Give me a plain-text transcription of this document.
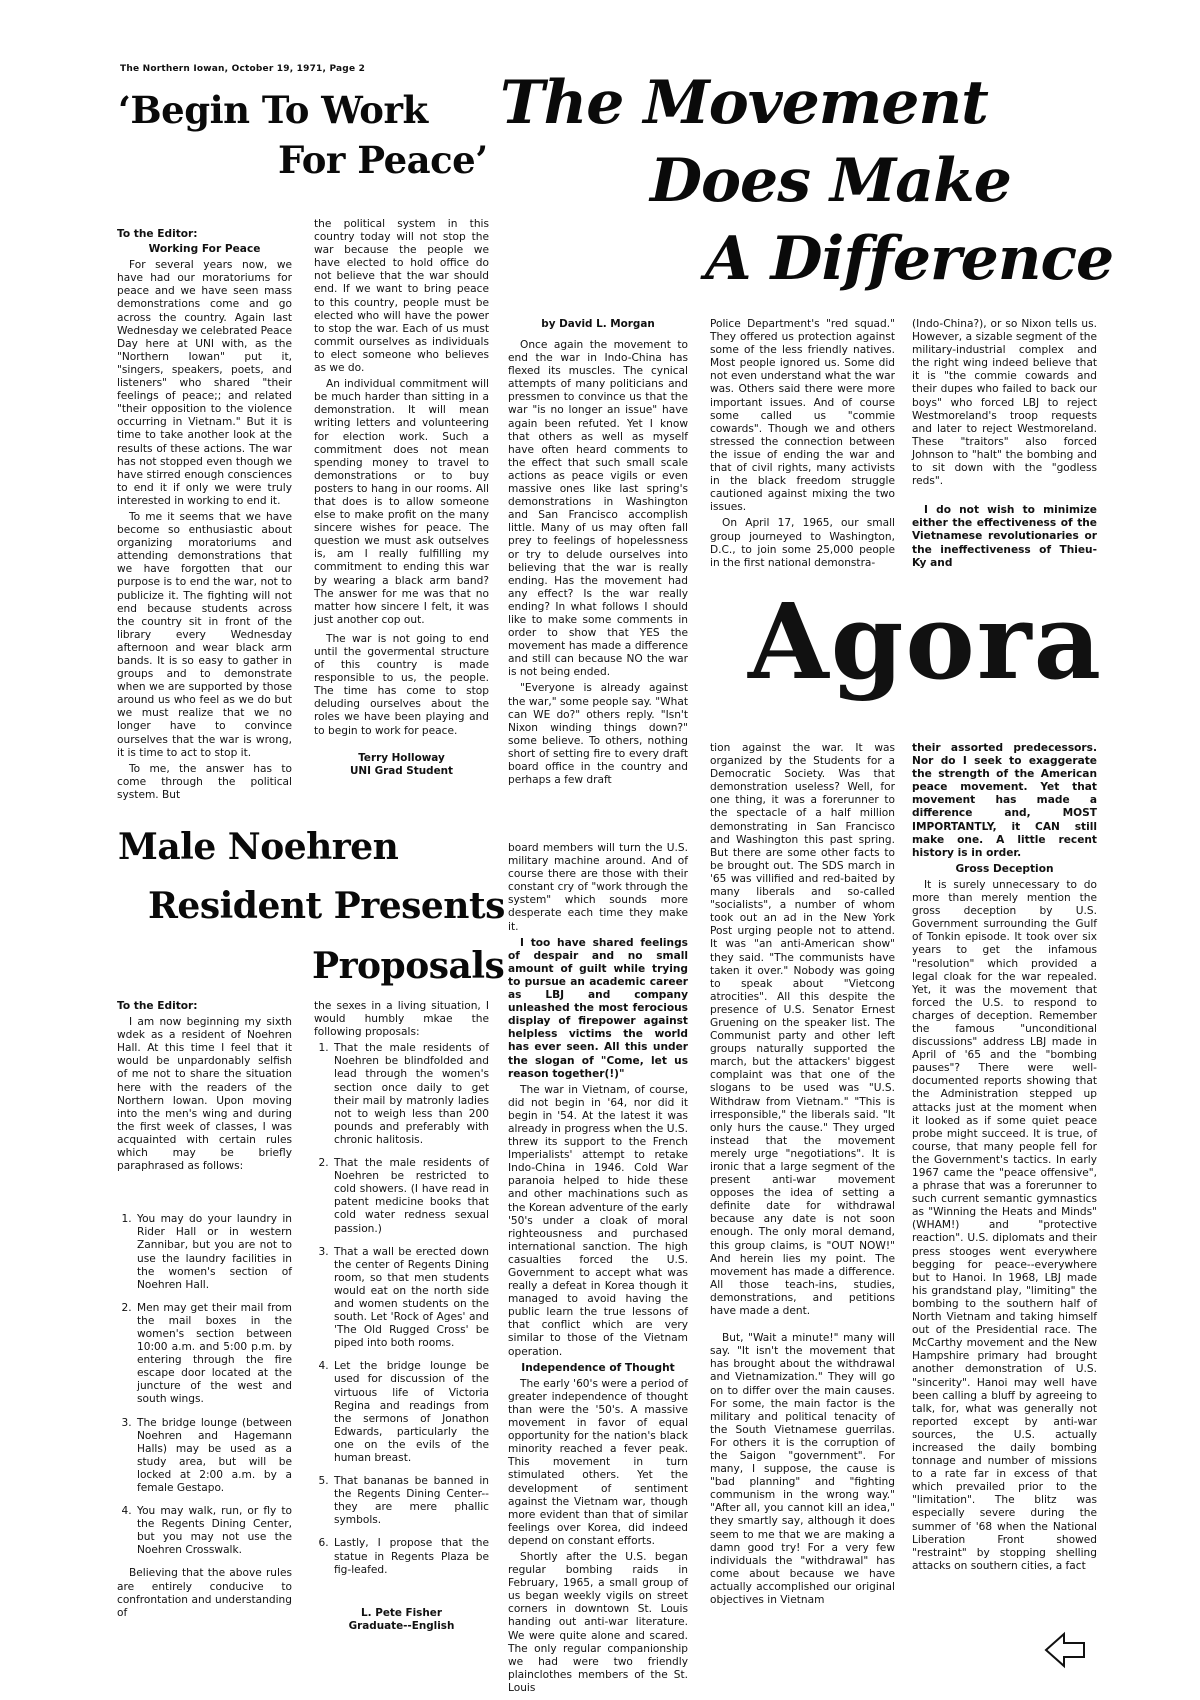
The Northern Iowan, October 19, 1971, Page 2
‘Begin To Work
For Peace’
The Movement
Does Make
A Difference
To the Editor:
Working For Peace

For several years now, we have had our moratoriums for peace and we have seen mass demonstrations come and go across the country. Again last Wednesday we celebrated Peace Day here at UNI with, as the "Northern Iowan" put it, "singers, speakers, poets, and listeners" who shared "their feelings of peace;; and related "their opposition to the violence occurring in Vietnam." But it is time to take another look at the results of these actions. The war has not stopped even though we have stirred enough consciences to end it if only we were truly interested in working to end it.

To me it seems that we have become so enthusiastic about organizing moratoriums and attending demonstrations that we have forgotten that our purpose is to end the war, not to publicize it. The fighting will not end because students across the country sit in front of the library every Wednesday afternoon and wear black arm bands. It is so easy to gather in groups and to demonstrate when we are supported by those around us who feel as we do but we must realize that we no longer have to convince ourselves that the war is wrong, it is time to act to stop it.

To me, the answer has to come through the political system. But

the political system in this country today will not stop the war because the people we have elected to hold office do not believe that the war should end. If we want to bring peace to this country, people must be elected who will have the power to stop the war. Each of us must commit ourselves as individuals to elect someone who believes as we do.

An individual commitment will be much harder than sitting in a demonstration. It will mean writing letters and volunteering for election work. Such a commitment does not mean spending money to travel to demonstrations or to buy posters to hang in our rooms. All that does is to allow someone else to make profit on the many sincere wishes for peace. The question we must ask outselves is, am I really fulfilling my commitment to ending this war by wearing a black arm band? The answer for me was that no matter how sincere I felt, it was just another cop out.

The war is not going to end until the govermental structure of this country is made responsible to us, the people. The time has come to stop deluding ourselves about the roles we have been playing and to begin to work for peace.

Terry Holloway
UNI Grad Student
Male Noehren
Resident Presents
Proposals
To the Editor:

I am now beginning my sixth wdek as a resident of Noehren Hall. At this time I feel that it would be unpardonably selfish of me not to share the situation here with the readers of the Northern Iowan. Upon moving into the men's wing and during the first week of classes, I was acquainted with certain rules which may be briefly paraphrased as follows:

1. You may do your laundry in Rider Hall or in western Zannibar, but you are not to use the laundry facilities in the women's section of Noehren Hall.
2. Men may get their mail from the mail boxes in the women's section between 10:00 a.m. and 5:00 p.m. by entering through the fire escape door located at the juncture of the west and south wings.
3. The bridge lounge (between Noehren and Hagemann Halls) may be used as a study area, but will be locked at 2:00 a.m. by a female Gestapo.
4. You may walk, run, or fly to the Regents Dining Center, but you may not use the Noehren Crosswalk.

Believing that the above rules are entirely conducive to confrontation and understanding of

the sexes in a living situation, I would humbly mkae the following proposals:

1. That the male residents of Noehren be blindfolded and lead through the women's section once daily to get their mail by matronly ladies not to weigh less than 200 pounds and preferably with chronic halitosis.
2. That the male residents of Noehren be restricted to cold showers. (I have read in patent medicine books that cold water redness sexual passion.)
3. That a wall be erected down the center of Regents Dining room, so that men students would eat on the north side and women students on the south. Let 'Rock of Ages' and 'The Old Rugged Cross' be piped into both rooms.
4. Let the bridge lounge be used for discussion of the virtuous life of Victoria Regina and readings from the sermons of Jonathon Edwards, particularly the one on the evils of the human breast.
5. That bananas be banned in the Regents Dining Center-- they are mere phallic symbols.
6. Lastly, I propose that the statue in Regents Plaza be fig-leafed.
L. Pete Fisher
Graduate--English
by David L. Morgan

Once again the movement to end the war in Indo-China has flexed its muscles. The cynical attempts of many politicians and pressmen to convince us that the war "is no longer an issue" have again been refuted. Yet I know that others as well as myself have often heard comments to the effect that such small scale actions as peace vigils or even massive ones like last spring's demonstrations in Washington and San Francisco accomplish little. Many of us may often fall prey to feelings of hopelessness or try to delude ourselves into believing that the war is really ending. Has the movement had any effect? Is the war really ending? In what follows I should like to make some comments in order to show that YES the movement has made a difference and still can because NO the war is not being ended.

"Everyone is already against the war," some people say. "What can WE do?" others reply. "Isn't Nixon winding things down?" some believe. To others, nothing short of setting fire to every draft board office in the country and perhaps a few draft

Police Department's "red squad." They offered us protection against some of the less friendly natives. Most people ignored us. Some did not even understand what the war was. Others said there were more important issues. And of course some called us "commie cowards". Though we and others stressed the connection between the issue of ending the war and that of civil rights, many activists in the black freedom struggle cautioned against mixing the two issues.

On April 17, 1965, our small group journeyed to Washington, D.C., to join some 25,000 people in the first national demonstra-

(Indo-China?), or so Nixon tells us. However, a sizable segment of the military-industrial complex and the right wing indeed believe that it is "the commie cowards and their dupes who failed to back our boys" who forced LBJ to reject Westmoreland's troop requests and later to reject Westmoreland. These "traitors" also forced Johnson to "halt" the bombing and to sit down with the "godless reds".

I do not wish to minimize either the effectiveness of the Vietnamese revolutionaries or the ineffectiveness of Thieu-Ky and

Agora

board members will turn the U.S. military machine around. And of course there are those with their constant cry of "work through the system" which sounds more desperate each time they make it.

I too have shared feelings of despair and no small amount of guilt while trying to pursue an academic career as LBJ and company unleashed the most ferocious display of firepower against helpless victims the world has ever seen. All this under the slogan of "Come, let us reason together(!)"

The war in Vietnam, of course, did not begin in '64, nor did it begin in '54. At the latest it was already in progress when the U.S. threw its support to the French Imperialists' attempt to retake Indo-China in 1946. Cold War paranoia helped to hide these and other machinations such as the Korean adventure of the early '50's under a cloak of moral righteousness and purchased international sanction. The high casualties forced the U.S. Government to accept what was really a defeat in Korea though it managed to avoid having the public learn the true lessons of that conflict which are very similar to those of the Vietnam operation.

Independence of Thought

The early '60's were a period of greater independence of thought than were the '50's. A massive movement in favor of equal opportunity for the nation's black minority reached a fever peak. This movement in turn stimulated others. Yet the development of sentiment against the Vietnam war, though more evident than that of similar feelings over Korea, did indeed depend on constant efforts.

Shortly after the U.S. began regular bombing raids in February, 1965, a small group of us began weekly vigils on street corners in downtown St. Louis handing out anti-war literature. We were quite alone and scared. The only regular companionship we had were two friendly plainclothes members of the St. Louis

tion against the war. It was organized by the Students for a Democratic Society. Was that demonstration useless? Well, for one thing, it was a forerunner to the spectacle of a half million demonstrating in San Francisco and Washington this past spring. But there are some other facts to be brought out. The SDS march in '65 was villified and red-baited by many liberals and so-called "socialists", a number of whom took out an ad in the New York Post urging people not to attend. It was "an anti-American show" they said. "The communists have taken it over." Nobody was going to speak about "Vietcong atrocities". All this despite the presence of U.S. Senator Ernest Gruening on the speaker list. The Communist party and other left groups naturally supported the march, but the attackers' biggest complaint was that one of the slogans to be used was "U.S. Withdraw from Vietnam." "This is irresponsible," the liberals said. "It only hurs the cause." They urged instead that the movement merely urge "negotiations". It is ironic that a large segment of the present anti-war movement opposes the idea of setting a definite date for withdrawal because any date is not soon enough. The only moral demand, this group claims, is "OUT NOW!" And herein lies my point. The movement has made a difference. All those teach-ins, studies, demonstrations, and petitions have made a dent.

But, "Wait a minute!" many will say. "It isn't the movement that has brought about the withdrawal and Vietnamization." They will go on to differ over the main causes. For some, the main factor is the military and political tenacity of the South Vietnamese guerrilas. For others it is the corruption of the Saigon "government". For many, I suppose, the cause is "bad planning" and "fighting communism in the wrong way." "After all, you cannot kill an idea," they smartly say, although it does seem to me that we are making a damn good try! For a very few individuals the "withdrawal" has come about because we have actually accomplished our original objectives in Vietnam

their assorted predecessors. Nor do I seek to exaggerate the strength of the American peace movement. Yet that movement has made a difference and, MOST IMPORTANTLY, it CAN still make one. A little recent history is in order.

Gross Deception

It is surely unnecessary to do more than merely mention the gross deception by U.S. Government surrounding the Gulf of Tonkin episode. It took over six years to get the infamous "resolution" which provided a legal cloak for the war repealed. Yet, it was the movement that forced the U.S. to respond to charges of deception. Remember the famous "unconditional discussions" address LBJ made in April of '65 and the "bombing pauses"? There were well-documented reports showing that the Administration stepped up attacks just at the moment when it looked as if some quiet peace probe might succeed. It is true, of course, that many people fell for the Government's tactics. In early 1967 came the "peace offensive", a phrase that was a forerunner to such current semantic gymnastics as "Winning the Heats and Minds" (WHAM!) and "protective reaction". U.S. diplomats and their press stooges went everywhere begging for peace--everywhere but to Hanoi. In 1968, LBJ made his grandstand play, "limiting" the bombing to the southern half of North Vietnam and taking himself out of the Presidential race. The McCarthy movement and the New Hampshire primary had brought another demonstration of U.S. "sincerity". Hanoi may well have been calling a bluff by agreeing to talk, for, what was generally not reported except by anti-war sources, the U.S. actually increased the daily bombing tonnage and number of missions to a rate far in excess of that which prevailed prior to the "limitation". The blitz was especially severe during the summer of '68 when the National Liberation Front showed "restraint" by stopping shelling attacks on southern cities, a fact
